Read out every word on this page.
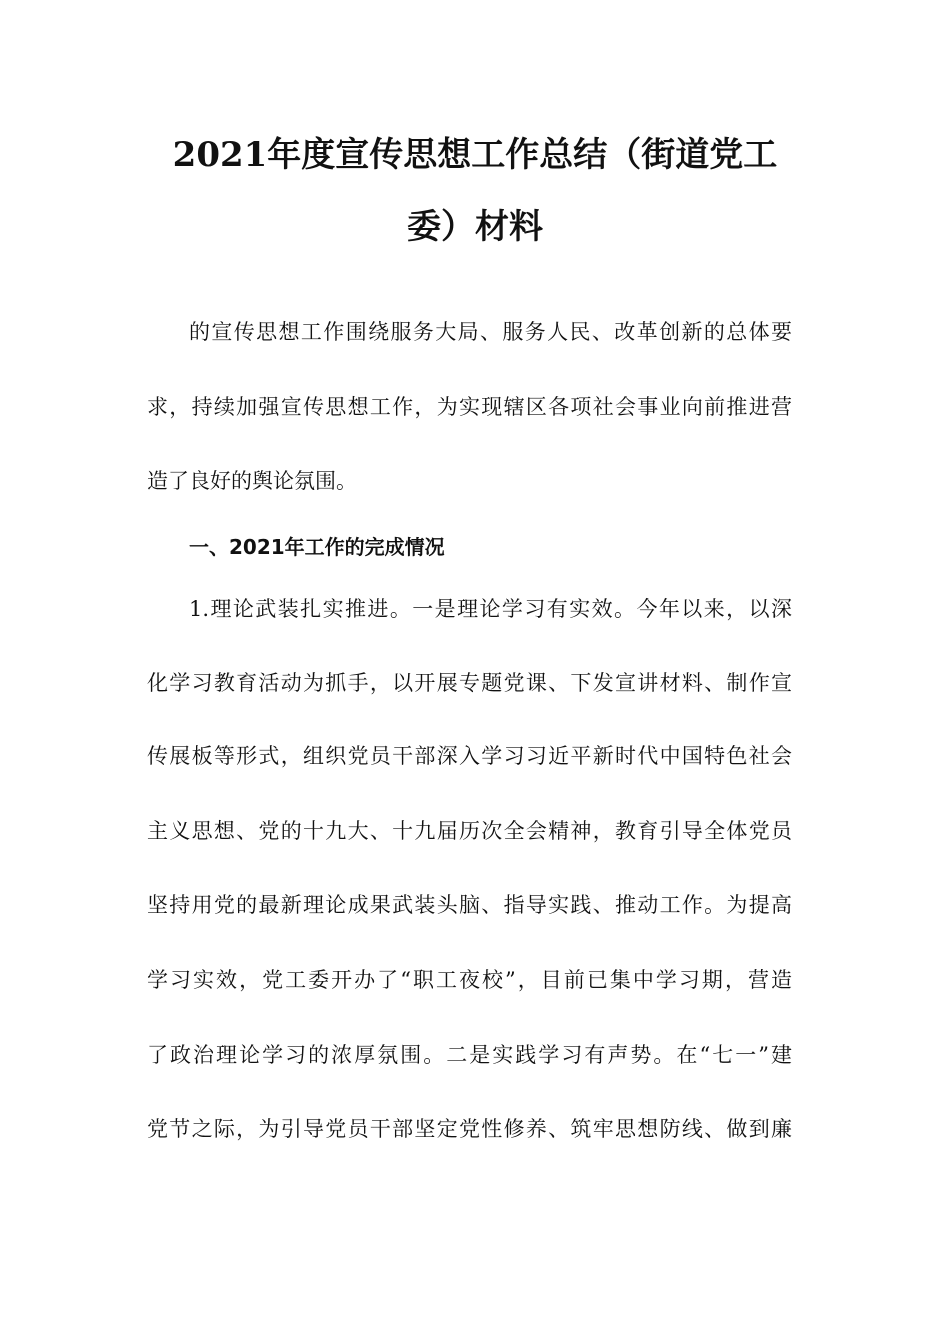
2021年度宣传思想工作总结（街道党工
委）材料
的宣传思想工作围绕服务大局、服务人民、改革创新的总体要
求，持续加强宣传思想工作，为实现辖区各项社会事业向前推进营
造了良好的舆论氛围。
一、2021年工作的完成情况
1.理论武装扎实推进。一是理论学习有实效。今年以来，以深
化学习教育活动为抓手，以开展专题党课、下发宣讲材料、制作宣
传展板等形式，组织党员干部深入学习习近平新时代中国特色社会
主义思想、党的十九大、十九届历次全会精神，教育引导全体党员
坚持用党的最新理论成果武装头脑、指导实践、推动工作。为提高
学习实效，党工委开办了“职工夜校”，目前已集中学习期，营造
了政治理论学习的浓厚氛围。二是实践学习有声势。在“七一”建
党节之际，为引导党员干部坚定党性修养、筑牢思想防线、做到廉
